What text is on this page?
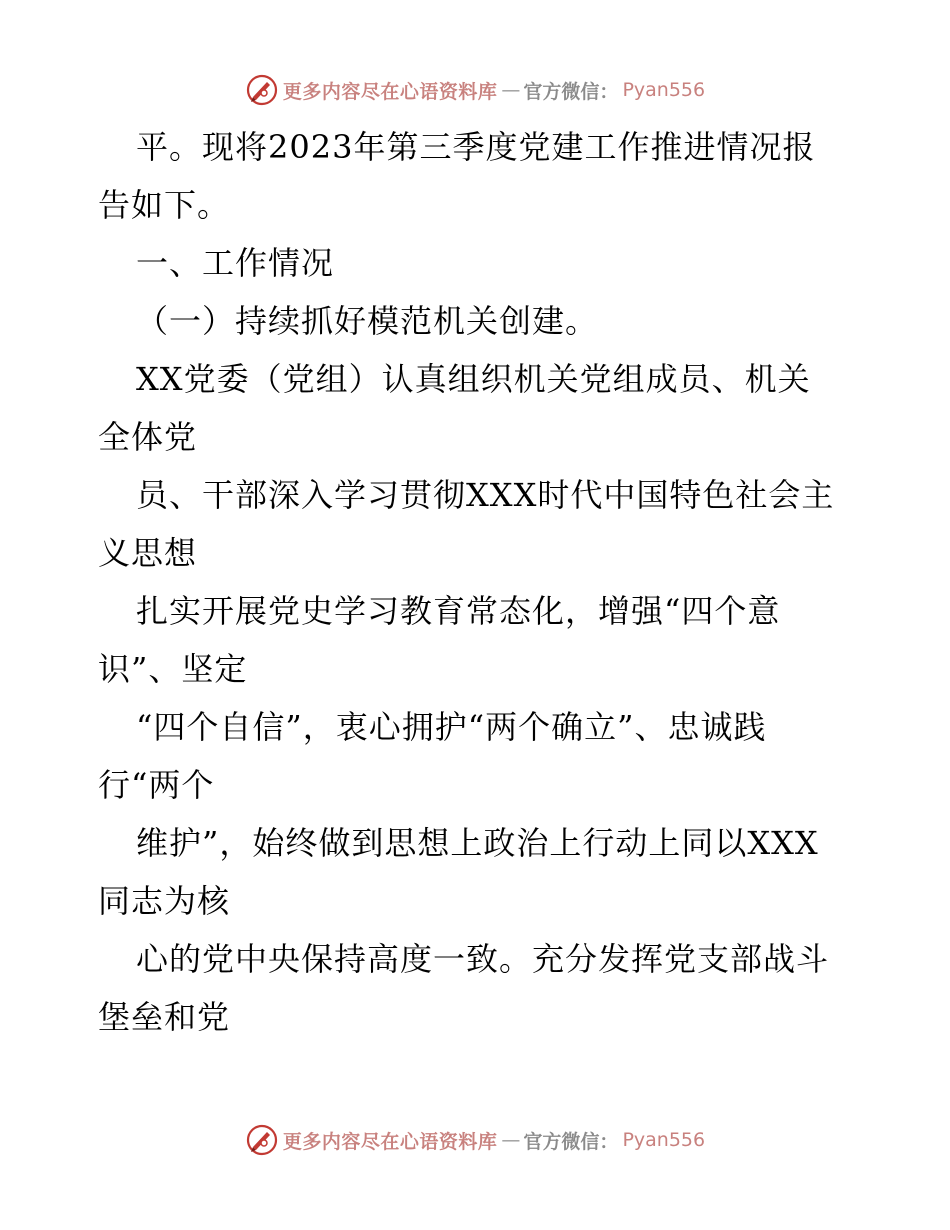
更多内容尽在心语资料库 — 官方微信： Pyan556
平。现将2023年第三季度党建工作推进情况报
告如下。
一、工作情况
（一）持续抓好模范机关创建。
XX党委（党组）认真组织机关党组成员、机关
全体党
员、干部深入学习贯彻XXX时代中国特色社会主
义思想
扎实开展党史学习教育常态化，增强“四个意
识”、坚定
“四个自信”，衷心拥护“两个确立”、忠诚践
行“两个
维护”，始终做到思想上政治上行动上同以XXX
同志为核
心的党中央保持高度一致。充分发挥党支部战斗
堡垒和党
更多内容尽在心语资料库 — 官方微信： Pyan556
